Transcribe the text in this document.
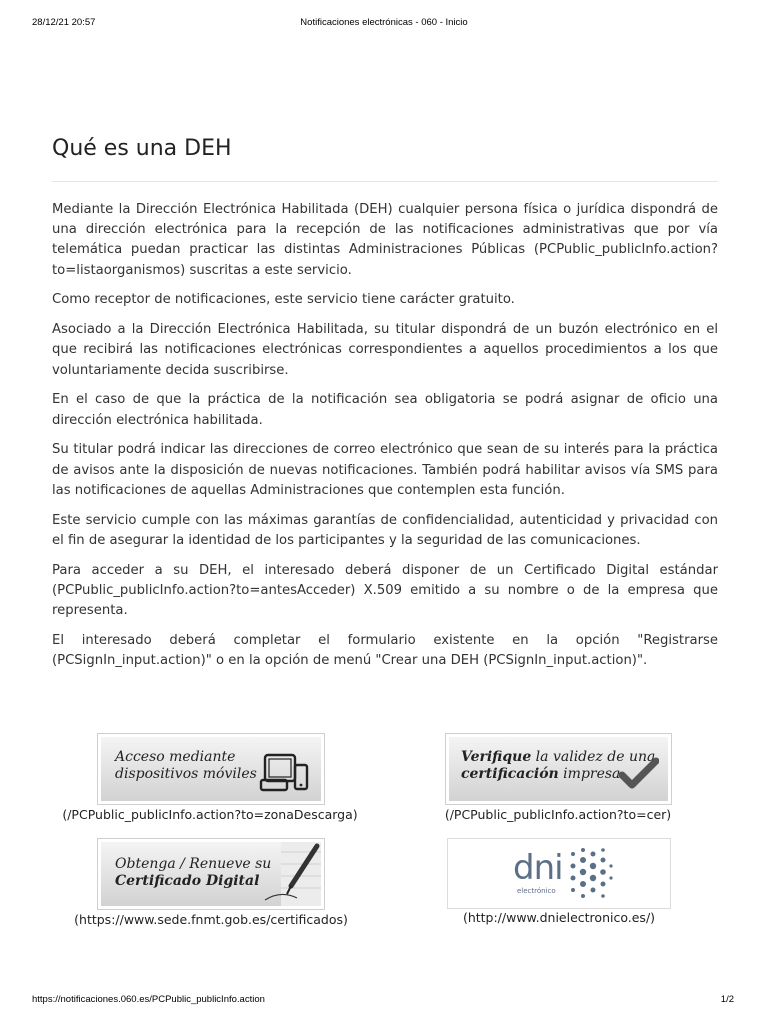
28/12/21 20:57	Notificaciones electrónicas - 060 - Inicio
Qué es una DEH

Mediante la Dirección Electrónica Habilitada (DEH) cualquier persona física o jurídica dispondrá de una dirección electrónica para la recepción de las notificaciones administrativas que por vía telemática puedan practicar las distintas Administraciones Públicas (PCPublic_publicInfo.action?to=listaorganismos) suscritas a este servicio.

Como receptor de notificaciones, este servicio tiene carácter gratuito.

Asociado a la Dirección Electrónica Habilitada, su titular dispondrá de un buzón electrónico en el que recibirá las notificaciones electrónicas correspondientes a aquellos procedimientos a los que voluntariamente decida suscribirse.

En el caso de que la práctica de la notificación sea obligatoria se podrá asignar de oficio una dirección electrónica habilitada.

Su titular podrá indicar las direcciones de correo electrónico que sean de su interés para la práctica de avisos ante la disposición de nuevas notificaciones. También podrá habilitar avisos vía SMS para las notificaciones de aquellas Administraciones que contemplen esta función.

Este servicio cumple con las máximas garantías de confidencialidad, autenticidad y privacidad con el fin de asegurar la identidad de los participantes y la seguridad de las comunicaciones.

Para acceder a su DEH, el interesado deberá disponer de un Certificado Digital estándar (PCPublic_publicInfo.action?to=antesAcceder) X.509 emitido a su nombre o de la empresa que representa.

El interesado deberá completar el formulario existente en la opción "Registrarse (PCSignIn_input.action)" o en la opción de menú "Crear una DEH (PCSignIn_input.action)".

Acceso mediante
dispositivos móviles
(/PCPublic_publicInfo.action?to=zonaDescarga)
Verifique la validez de una
certificación impresa
(/PCPublic_publicInfo.action?to=cer)
Obtenga / Renueve su
Certificado Digital
(https://www.sede.fnmt.gob.es/certificados)
dni
electrónico
(http://www.dnielectronico.es/)
https://notificaciones.060.es/PCPublic_publicInfo.action	1/2
